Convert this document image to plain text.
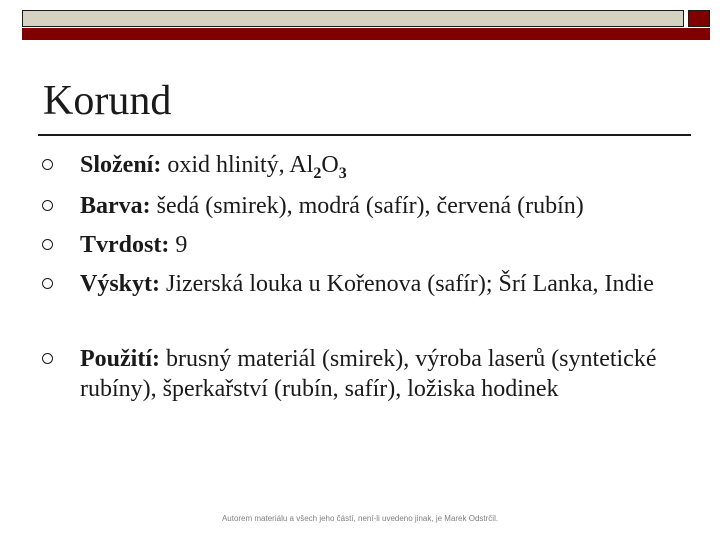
Korund
Složení: oxid hlinitý, $Al_2O_3$
Barva: šedá (smirek), modrá (safír), červená (rubín)
Tvrdost: 9
Výskyt: Jizerská louka u Kořenova (safír); Šrí Lanka, Indie
Použití: brusný materiál (smirek), výroba laserů (syntetické rubíny), šperkařství (rubín, safír), ložiska hodinek
Autorem materiálu a všech jeho částí, není-li uvedeno jinak, je Marek Odstrčil.
